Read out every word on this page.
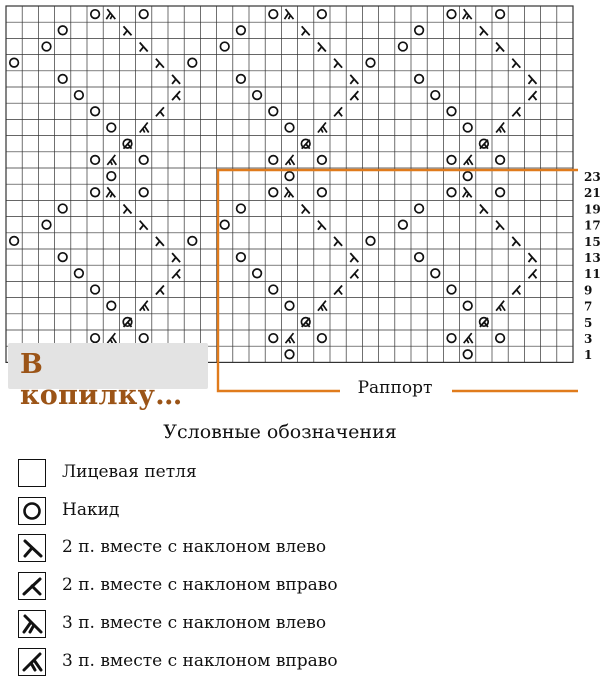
23
21
19
17
15
13
11
9
7
5
3
1
В копилку…	Раппорт
Условные обозначения
Лицевая петля
Накид
2 п. вместе с наклоном влево
2 п. вместе с наклоном вправо
3 п. вместе с наклоном влево
3 п. вместе с наклоном вправо
